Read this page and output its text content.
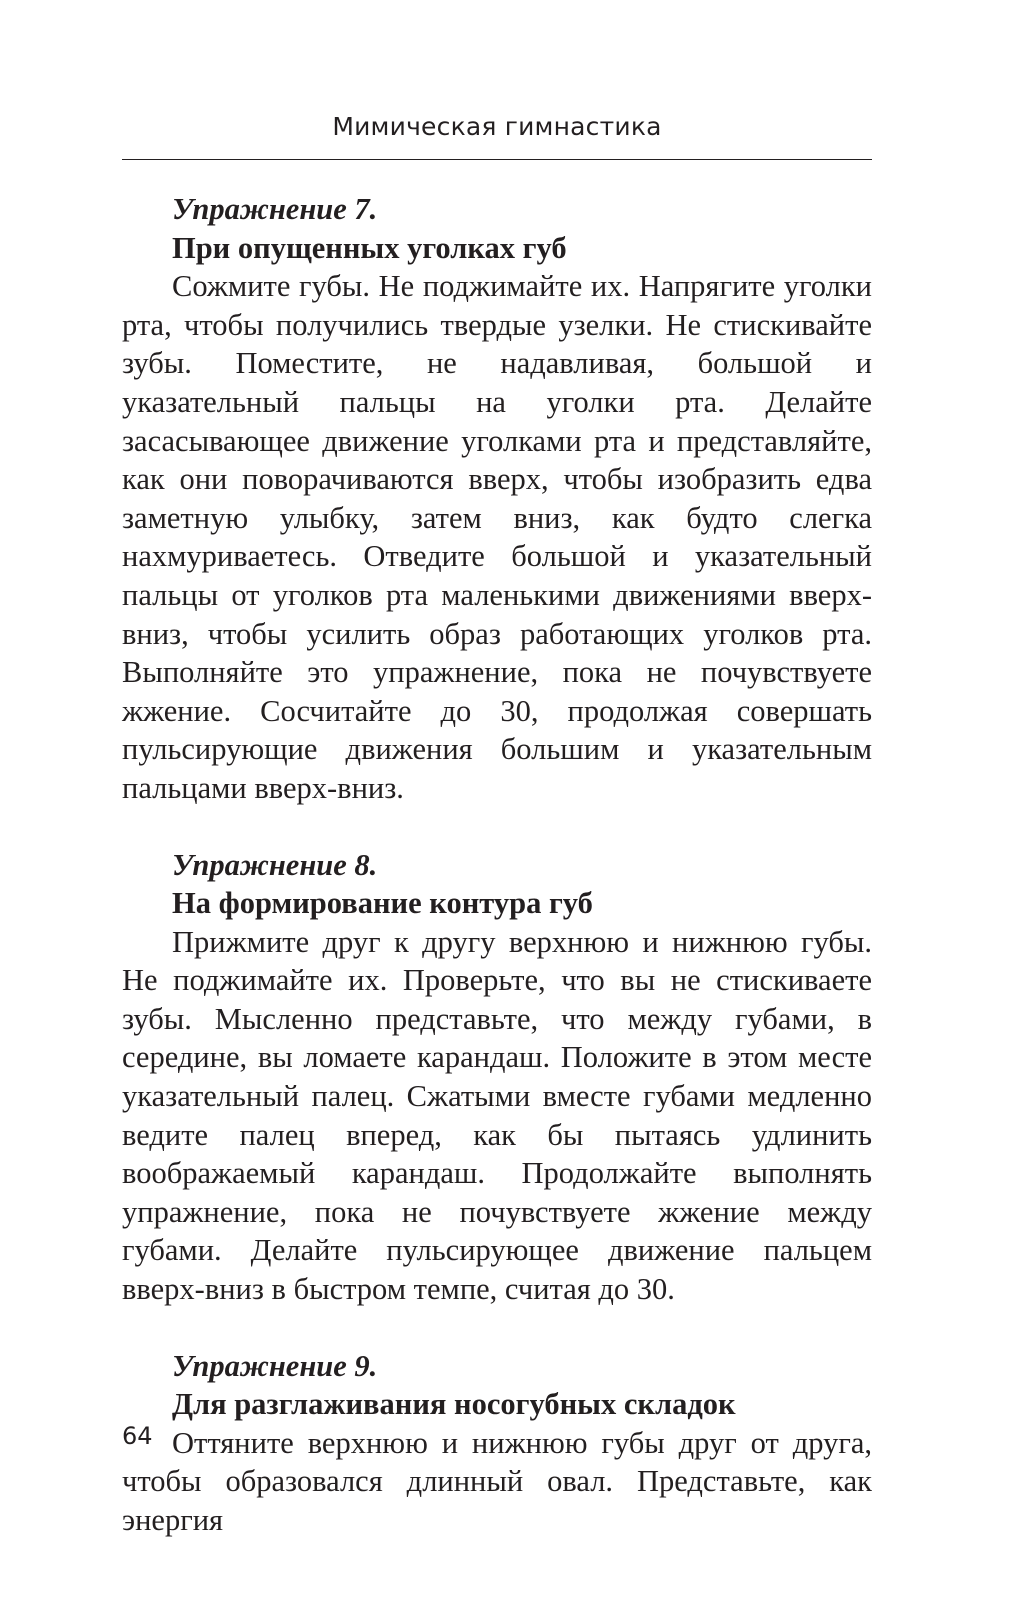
Мимическая гимнастика

Упражнение 7.

При опущенных уголках губ

Сожмите губы. Не поджимайте их. Напрягите уголки рта, чтобы получились твердые узелки. Не стискивайте зубы. Поместите, не надавливая, большой и указательный пальцы на уголки рта. Делайте засасывающее движение уголками рта и представляйте, как они поворачиваются вверх, чтобы изобразить едва заметную улыбку, затем вниз, как будто слегка нахмуриваетесь. Отведите большой и указательный пальцы от уголков рта маленькими движениями вверх-вниз, чтобы усилить образ работающих уголков рта. Выполняйте это упражнение, пока не почувствуете жжение. Сосчитайте до 30, продолжая совершать пульсирующие движения большим и указательным пальцами вверх-вниз.

Упражнение 8.

На формирование контура губ

Прижмите друг к другу верхнюю и нижнюю губы. Не поджимайте их. Проверьте, что вы не стискиваете зубы. Мысленно представьте, что между губами, в середине, вы ломаете карандаш. Положите в этом месте указательный палец. Сжатыми вместе губами медленно ведите палец вперед, как бы пытаясь удлинить воображаемый карандаш. Продолжайте выполнять упражнение, пока не почувствуете жжение между губами. Делайте пульсирующее движение пальцем вверх-вниз в быстром темпе, считая до 30.

Упражнение 9.

Для разглаживания носогубных складок

Оттяните верхнюю и нижнюю губы друг от друга, чтобы образовался длинный овал. Представьте, как энергия

64
